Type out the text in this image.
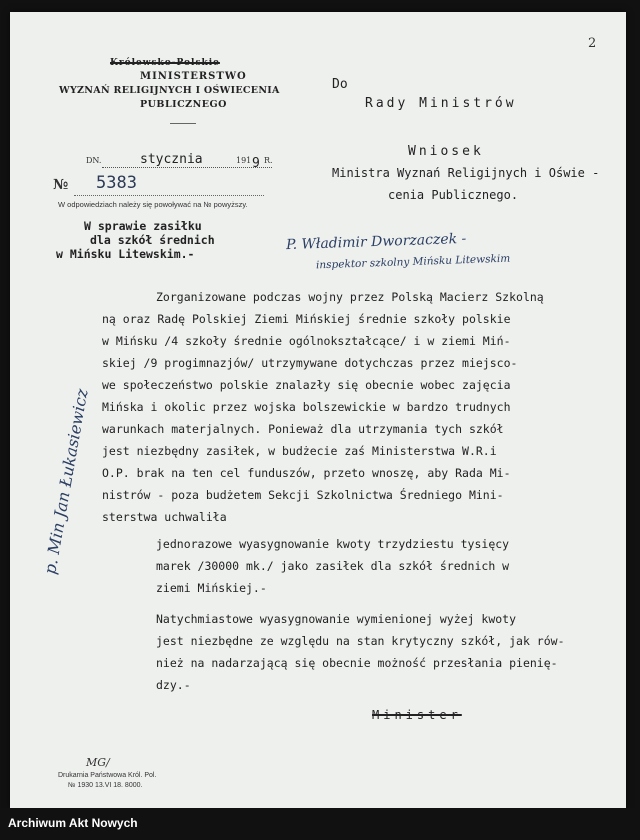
2
Królewsko-Polskie
MINISTERSTWO
WYZNAŃ RELIGIJNYCH I OŚWIECENIA
PUBLICZNEGO
Do
Rady Ministrów
Wniosek
Ministra Wyznań Religijnych i Oświe -
cenia Publicznego.
DN.	stycznia	191 9 R.
№ 5383
W odpowiedziach należy się powoływać na № powyższy.
W sprawie zasiłku
dla szkół średnich
w Mińsku Litewskim.-
P. Władimir Dworzaczek -
inspektor szkolny Mińsku Litewskim
p. Min Jan Łukasiewicz
Zorganizowane podczas wojny przez Polską Macierz Szkolną
ną oraz Radę Polskiej Ziemi Mińskiej średnie szkoły polskie
w Mińsku /4 szkoły średnie ogólnokształcące/ i w ziemi Miń-
skiej /9 progimnazjów/ utrzymywane dotychczas przez miejsco-
we społeczeństwo polskie znalazły się obecnie wobec zajęcia
Mińska i okolic przez wojska bolszewickie w bardzo trudnych
warunkach materjalnych. Ponieważ dla utrzymania tych szkół
jest niezbędny zasiłek, w budżecie zaś Ministerstwa W.R.i
O.P. brak na ten cel funduszów, przeto wnoszę, aby Rada Mi-
nistrów - poza budżetem Sekcji Szkolnictwa Średniego Mini-
sterstwa uchwaliła
jednorazowe wyasygnowanie kwoty trzydziestu tysięcy
marek /30000 mk./ jako zasiłek dla szkół średnich w
ziemi Mińskiej.-
Natychmiastowe wyasygnowanie wymienionej wyżej kwoty
jest niezbędne ze względu na stan krytyczny szkół, jak rów-
nież na nadarzającą się obecnie możność przesłania pienię-
dzy.-
Minister
MG/
Drukarnia Państwowa Król. Pol.
№ 1930 13.VI 18. 8000.
Archiwum Akt Nowych
